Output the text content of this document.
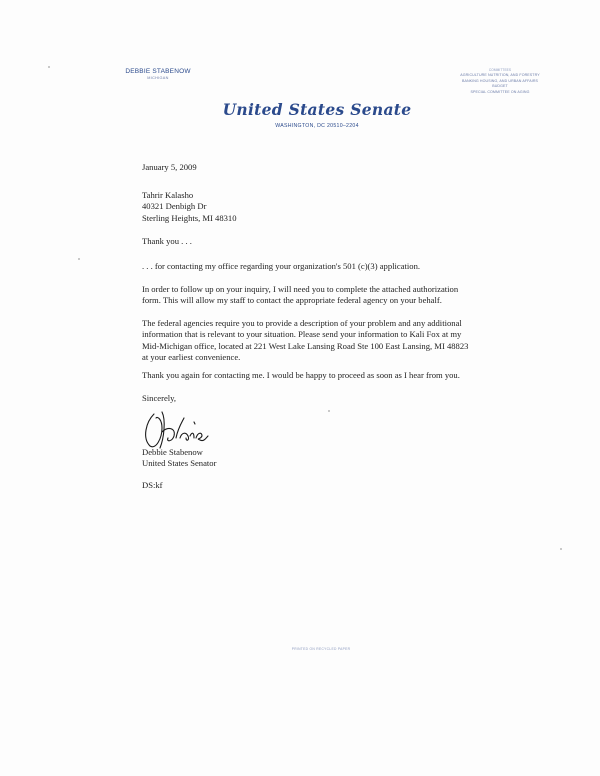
DEBBIE STABENOW
MICHIGAN
COMMITTEES
AGRICULTURE NUTRITION, AND FORESTRY
BANKING HOUSING, AND URBAN AFFAIRS
BUDGET
SPECIAL COMMITTEE ON AGING
United States Senate
WASHINGTON, DC 20510–2204
January 5, 2009
Tahrir Kalasho
40321 Denbigh Dr
Sterling Heights, MI 48310
Thank you . . .
. . . for contacting my office regarding your organization's 501 (c)(3) application.
In order to follow up on your inquiry, I will need you to complete the attached authorization
form. This will allow my staff to contact the appropriate federal agency on your behalf.
The federal agencies require you to provide a description of your problem and any additional
information that is relevant to your situation. Please send your information to Kali Fox at my
Mid-Michigan office, located at 221 West Lake Lansing Road Ste 100 East Lansing, MI 48823
at your earliest convenience.
Thank you again for contacting me. I would be happy to proceed as soon as I hear from you.
Sincerely,
Debbie Stabenow
United States Senator
DS:kf
PRINTED ON RECYCLED PAPER
